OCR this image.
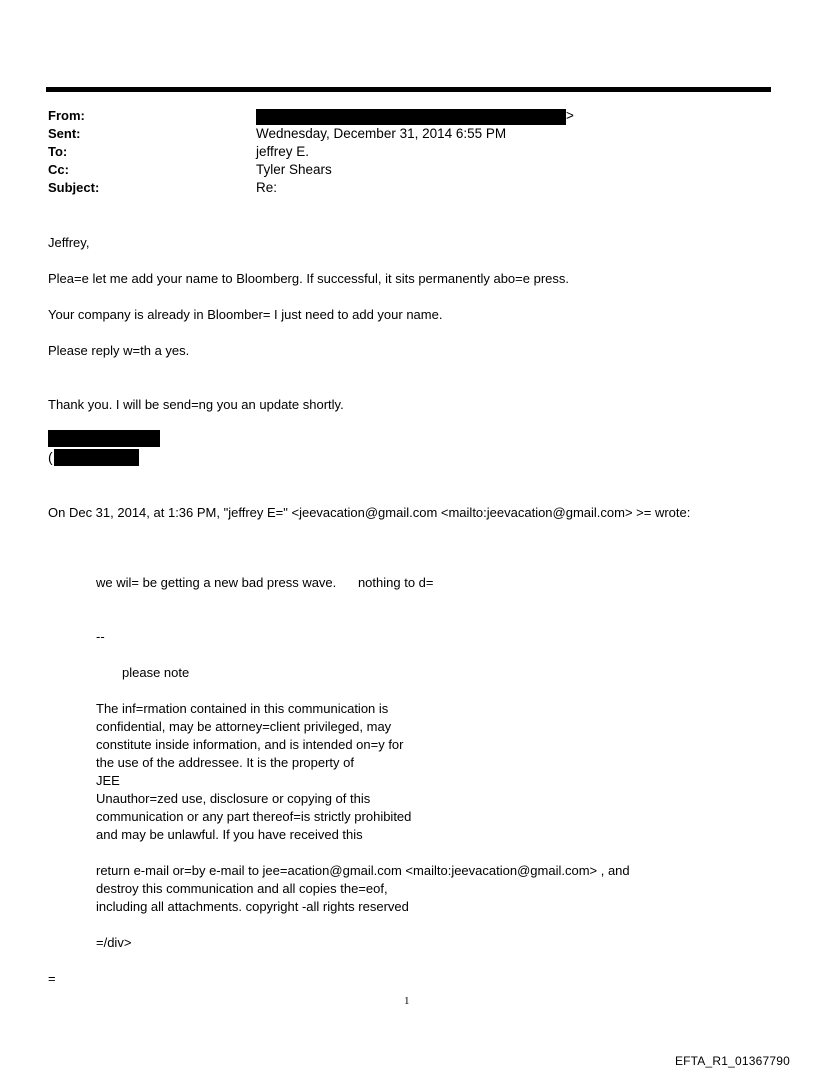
From:	>
Sent:	Wednesday, December 31, 2014 6:55 PM
To:	jeffrey E.
Cc:	Tyler Shears
Subject:	Re:
Jeffrey,
Plea=e let me add your name to Bloomberg. If successful, it sits permanently abo=e press.
Your company is already in Bloomber= I just need to add your name.
Please reply w=th a yes.
Thank you. I will be send=ng you an update shortly.
(
On Dec 31, 2014, at 1:36 PM, "jeffrey E=" <jeevacation@gmail.com <mailto:jeevacation@gmail.com> >= wrote:
we wil= be getting a new bad press wave.      nothing to d=
--
please note
The inf=rmation contained in this communication is
confidential, may be attorney=client privileged, may
constitute inside information, and is intended on=y for
the use of the addressee. It is the property of
JEE
Unauthor=zed use, disclosure or copying of this
communication or any part thereof=is strictly prohibited
and may be unlawful. If you have received this
return e-mail or=by e-mail to jee=acation@gmail.com <mailto:jeevacation@gmail.com> , and
destroy this communication and all copies the=eof,
including all attachments. copyright -all rights reserved
=/div>
=
1
EFTA_R1_01367790
